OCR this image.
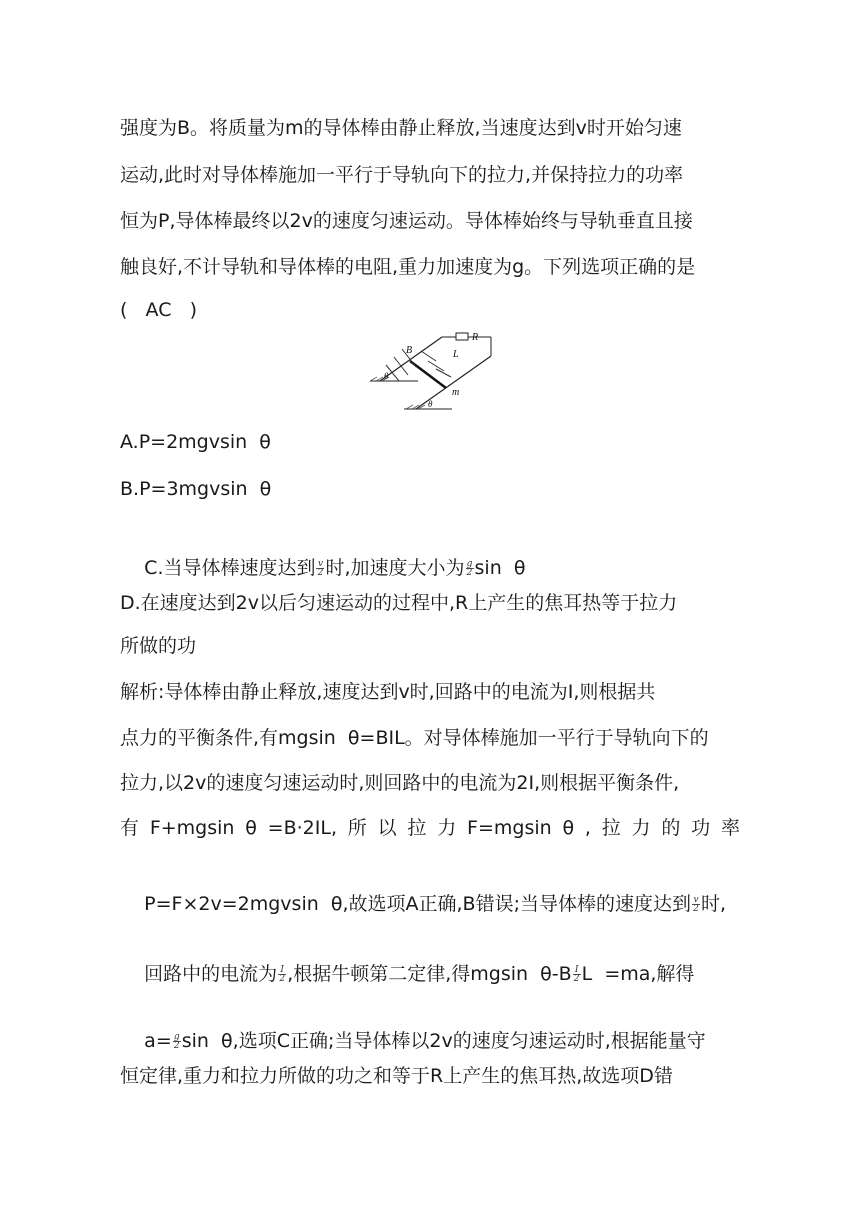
强度为B。将质量为m的导体棒由静止释放,当速度达到v时开始匀速
运动,此时对导体棒施加一平行于导轨向下的拉力,并保持拉力的功率
恒为P,导体棒最终以2v的速度匀速运动。导体棒始终与导轨垂直且接
触良好,不计导轨和导体棒的电阻,重力加速度为g。下列选项正确的是
(   AC   )
B	L
R
m
θ
θ
A.P=2mgvsin  θ
B.P=3mgvsin  θ

C.当导体棒速度达到 $\frac{v}{2}$ 时,加速度大小为 $\frac{g}{2}$ sin  θ

D.在速度达到2v以后匀速运动的过程中,R上产生的焦耳热等于拉力
所做的功
解析:导体棒由静止释放,速度达到v时,回路中的电流为I,则根据共
点力的平衡条件,有mgsin  θ=BIL。对导体棒施加一平行于导轨向下的
拉力,以2v的速度匀速运动时,则回路中的电流为2I,则根据平衡条件,
有 F+mgsin θ =B·2IL, 所 以 拉 力 F=mgsin θ , 拉 力 的 功 率

P=F×2v=2mgvsin  θ,故选项A正确,B错误;当导体棒的速度达到 $\frac{v}{2}$ 时,

回路中的电流为 $\frac{I}{2}$ ,根据牛顿第二定律,得mgsin  $\theta-B \frac{I}{2}$ L  =ma,解得

$a= \frac{g}{2}$ sin  θ,选项C正确;当导体棒以2v的速度匀速运动时,根据能量守

恒定律,重力和拉力所做的功之和等于R上产生的焦耳热,故选项D错
